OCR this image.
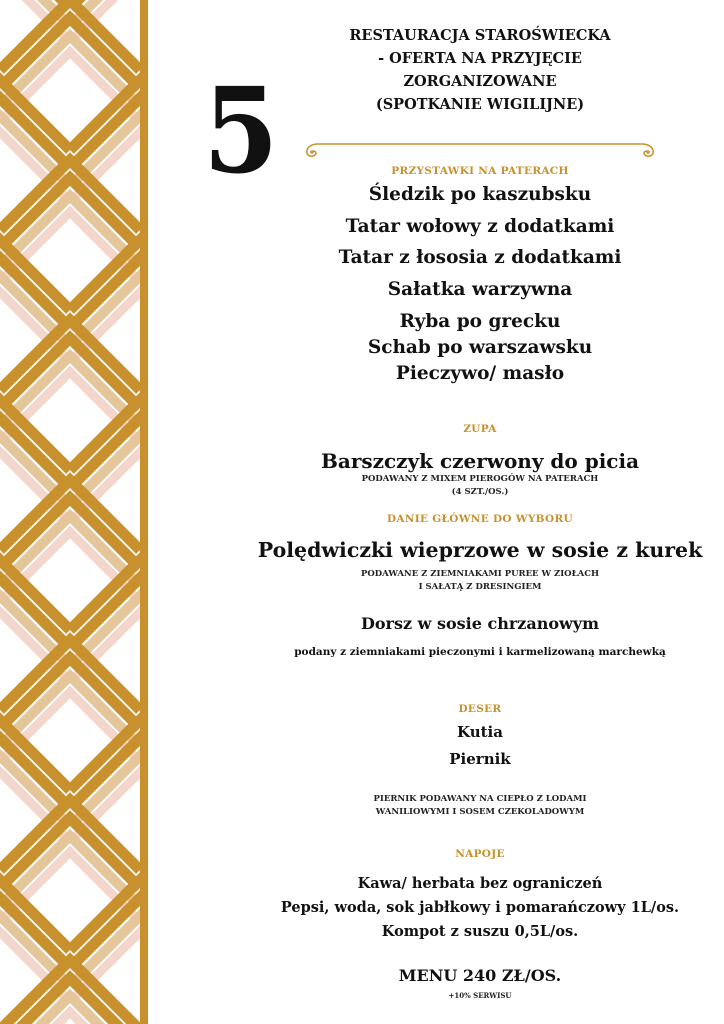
5
RESTAURACJA STAROŚWIECKA
- OFERTA NA PRZYJĘCIE
ZORGANIZOWANE
(SPOTKANIE WIGILIJNE)

PRZYSTAWKI NA PATERACH

Śledzik po kaszubsku

Tatar wołowy z dodatkami

Tatar z łososia z dodatkami

Sałatka warzywna

Ryba po grecku

Schab po warszawsku

Pieczywo/ masło

ZUPA

Barszczyk czerwony do picia

PODAWANY Z MIXEM PIEROGÓW NA PATERACH

(4 SZT./OS.)

DANIE GŁÓWNE DO WYBORU

Polędwiczki wieprzowe w sosie z kurek

PODAWANE Z ZIEMNIAKAMI PUREE W ZIOŁACH

I SAŁATĄ Z DRESINGIEM

Dorsz w sosie chrzanowym

podany z ziemniakami pieczonymi i karmelizowaną marchewką

DESER

Kutia

Piernik

PIERNIK PODAWANY NA CIEPŁO Z LODAMI

WANILIOWYMI I SOSEM CZEKOLADOWYM

NAPOJE

Kawa/ herbata bez ograniczeń

Pepsi, woda, sok jabłkowy i pomarańczowy 1L/os.

Kompot z suszu 0,5L/os.

MENU 240 ZŁ/OS.

+10% SERWISU
